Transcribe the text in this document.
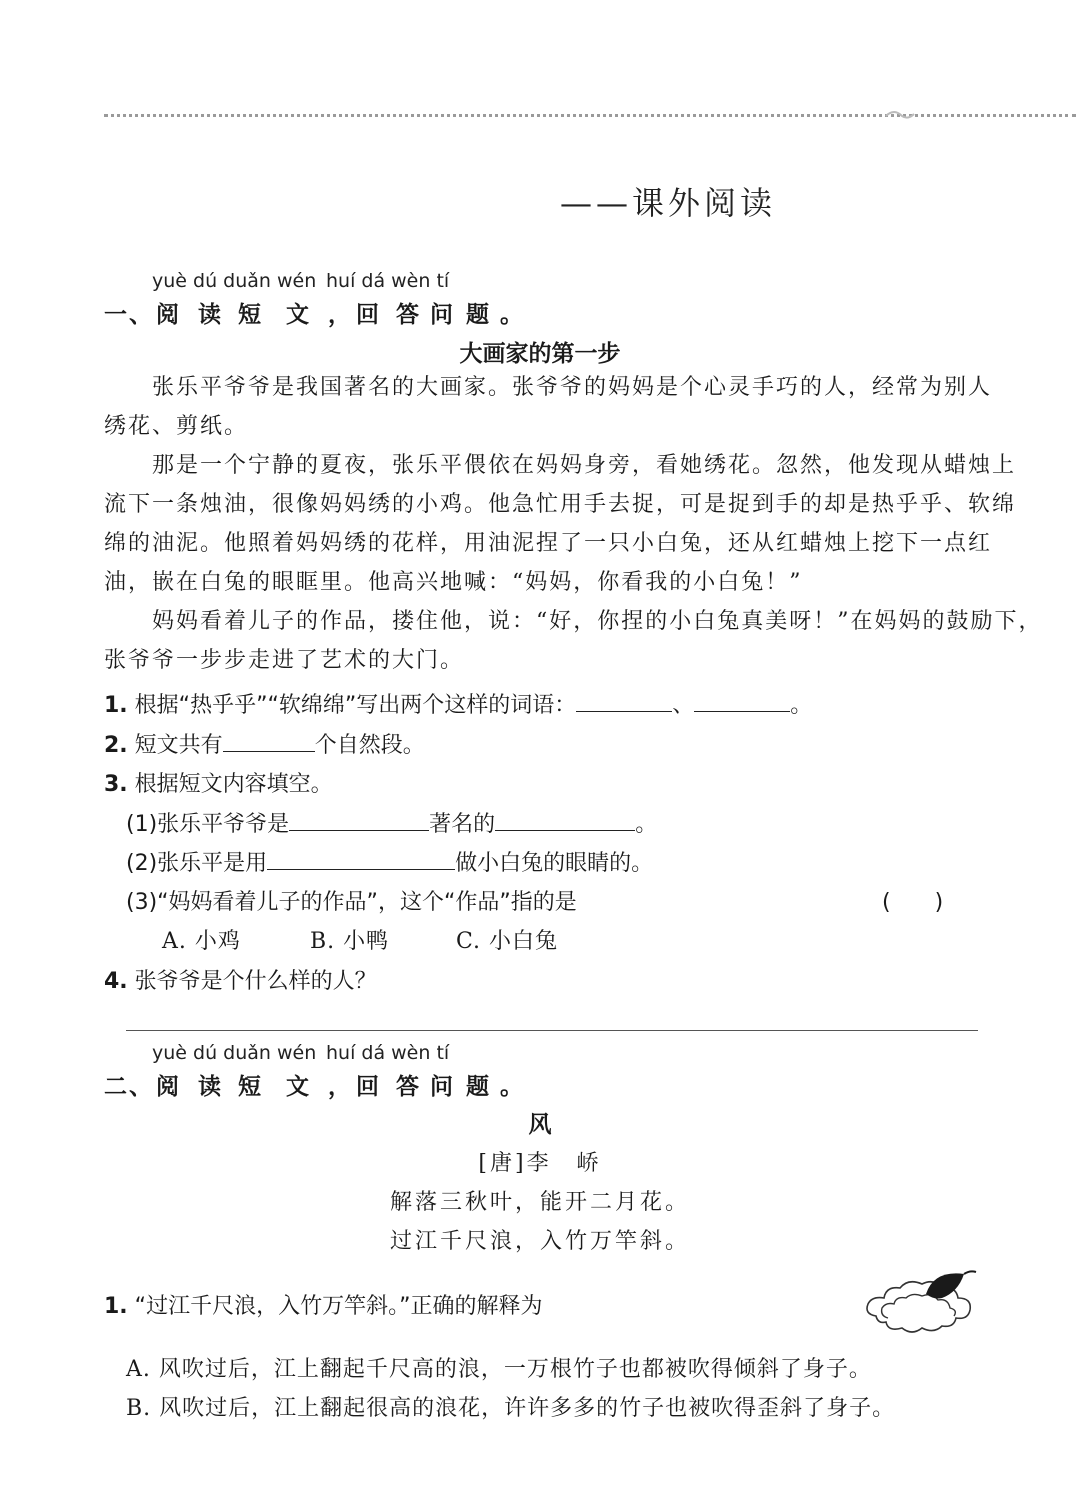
——课外阅读
yuè dú duǎn wén huí dá wèn tí
一、阅 读 短 文 ， 回 答 问 题 。
大画家的第一步
张乐平爷爷是我国著名的大画家。张爷爷的妈妈是个心灵手巧的人，经常为别人
绣花、剪纸。
那是一个宁静的夏夜，张乐平偎依在妈妈身旁，看她绣花。忽然，他发现从蜡烛上
流下一条烛油，很像妈妈绣的小鸡。他急忙用手去捉，可是捉到手的却是热乎乎、软绵
绵的油泥。他照着妈妈绣的花样，用油泥捏了一只小白兔，还从红蜡烛上挖下一点红
油，嵌在白兔的眼眶里。他高兴地喊：“妈妈，你看我的小白兔！”
妈妈看着儿子的作品，搂住他，说：“好，你捏的小白兔真美呀！”在妈妈的鼓励下，
张爷爷一步步走进了艺术的大门。
1. 根据“热乎乎”“软绵绵”写出两个这样的词语：	、	。
2. 短文共有	个自然段。
3. 根据短文内容填空。
(1)张乐平爷爷是	著名的	。
(2)张乐平是用	做小白兔的眼睛的。
(3)“妈妈看着儿子的作品”，这个“作品”指的是	(　　)
A. 小鸡	B. 小鸭	C. 小白兔
4. 张爷爷是个什么样的人？
yuè dú duǎn wén huí dá wèn tí
二、阅 读 短 文 ， 回 答 问 题 。
风
[唐]李　峤
解落三秋叶，能开二月花。
过江千尺浪，入竹万竿斜。
1. “过江千尺浪，入竹万竿斜。”正确的解释为
A. 风吹过后，江上翻起千尺高的浪，一万根竹子也都被吹得倾斜了身子。
B. 风吹过后，江上翻起很高的浪花，许许多多的竹子也被吹得歪斜了身子。
